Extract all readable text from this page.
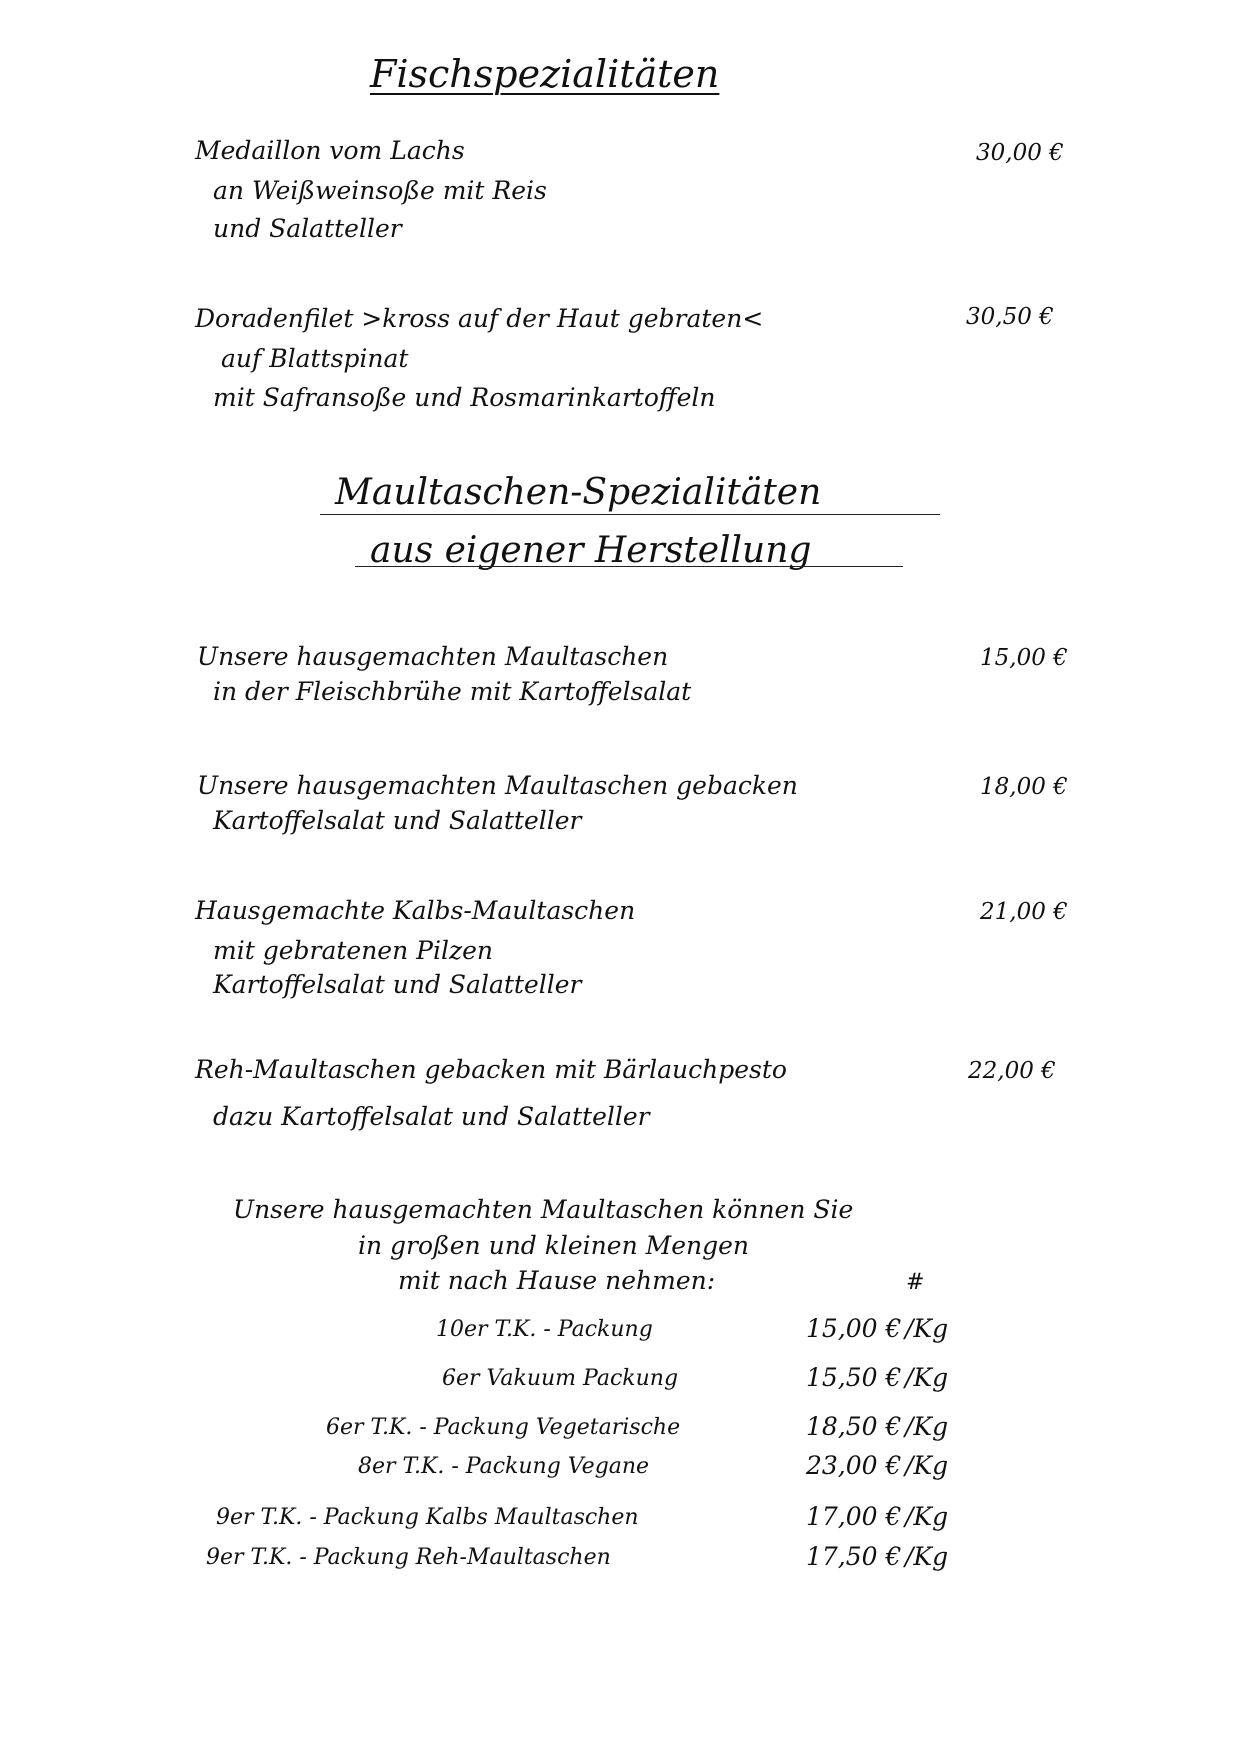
Fischspezialitäten
Medaillon vom Lachs
an Weißweinsoße mit Reis
und Salatteller
30,00 €
Doradenfilet >kross auf der Haut gebraten<
auf Blattspinat
mit Safransoße und Rosmarinkartoffeln
30,50 €
Maultaschen-Spezialitäten
aus eigener Herstellung
Unsere hausgemachten Maultaschen
in der Fleischbrühe mit Kartoffelsalat
15,00 €
Unsere hausgemachten Maultaschen gebacken
Kartoffelsalat und Salatteller
18,00 €
Hausgemachte Kalbs-Maultaschen
mit gebratenen Pilzen
Kartoffelsalat und Salatteller
21,00 €
Reh-Maultaschen gebacken mit Bärlauchpesto
dazu Kartoffelsalat und Salatteller
22,00 €
Unsere hausgemachten Maultaschen können Sie
in großen und kleinen Mengen
mit nach Hause nehmen:	#
10er T.K. - Packung	15,00 € /Kg
6er Vakuum Packung	15,50 € /Kg
6er T.K. - Packung Vegetarische	18,50 € /Kg
8er T.K. - Packung Vegane	23,00 € /Kg
9er T.K. - Packung Kalbs Maultaschen	17,00 € /Kg
9er T.K. - Packung Reh-Maultaschen	17,50 € /Kg
